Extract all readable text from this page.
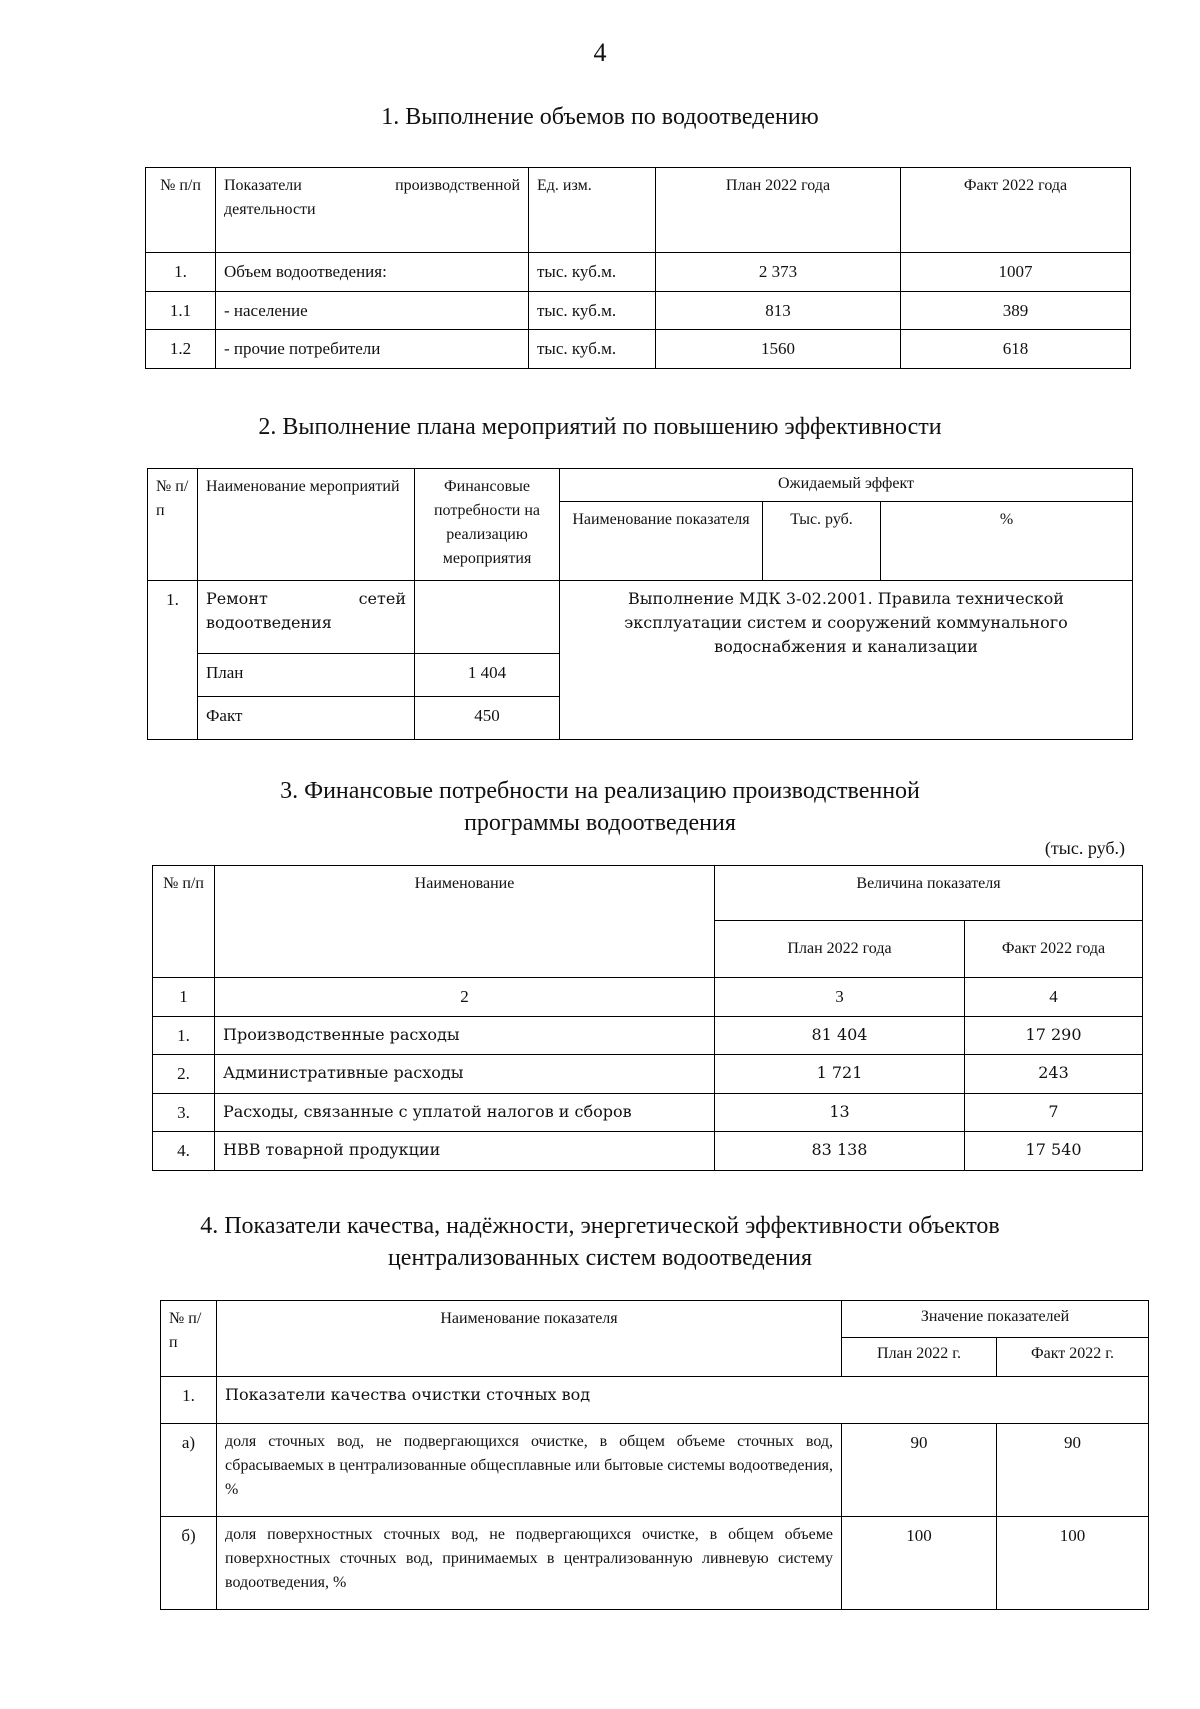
4
1. Выполнение объемов по водоотведению
№ п/п	Показатели производственной деятельности	Ед. изм.	План 2022 года	Факт 2022 года
1.	Объем водоотведения:	тыс. куб.м.	2 373	1007
1.1	- население	тыс. куб.м.	813	389
1.2	- прочие потребители	тыс. куб.м.	1560	618
2. Выполнение плана мероприятий по повышению эффективности
№ п/п	Наименование мероприятий	Финансовые потребности на реализацию мероприятия	Ожидаемый эффект		
			Наименование показателя	Тыс. руб.	%
1.	Ремонт сетей водоотведения		Выполнение МДК 3-02.2001. Правила технической эксплуатации систем и сооружений коммунального водоснабжения и канализации		
	План	1 404			
	Факт	450			
3. Финансовые потребности на реализацию производственной
программы водоотведения
(тыс. руб.)
№ п/п	Наименование	Величина показателя	
		План 2022 года	Факт 2022 года
1	2	3	4
1.	Производственные расходы	81 404	17 290
2.	Административные расходы	1 721	243
3.	Расходы, связанные с уплатой налогов и сборов	13	7
4.	НВВ товарной продукции	83 138	17 540
4. Показатели качества, надёжности, энергетической эффективности объектов
централизованных систем водоотведения
№ п/п	Наименование показателя	Значение показателей	
		План 2022 г.	Факт 2022 г.
1.	Показатели качества очистки сточных вод		
а)	доля сточных вод, не подвергающихся очистке, в общем объеме сточных вод, сбрасываемых в централизованные общесплавные или бытовые системы водоотведения, %	90	90
б)	доля поверхностных сточных вод, не подвергающихся очистке, в общем объеме поверхностных сточных вод, принимаемых в централизованную ливневую систему водоотведения, %	100	100
